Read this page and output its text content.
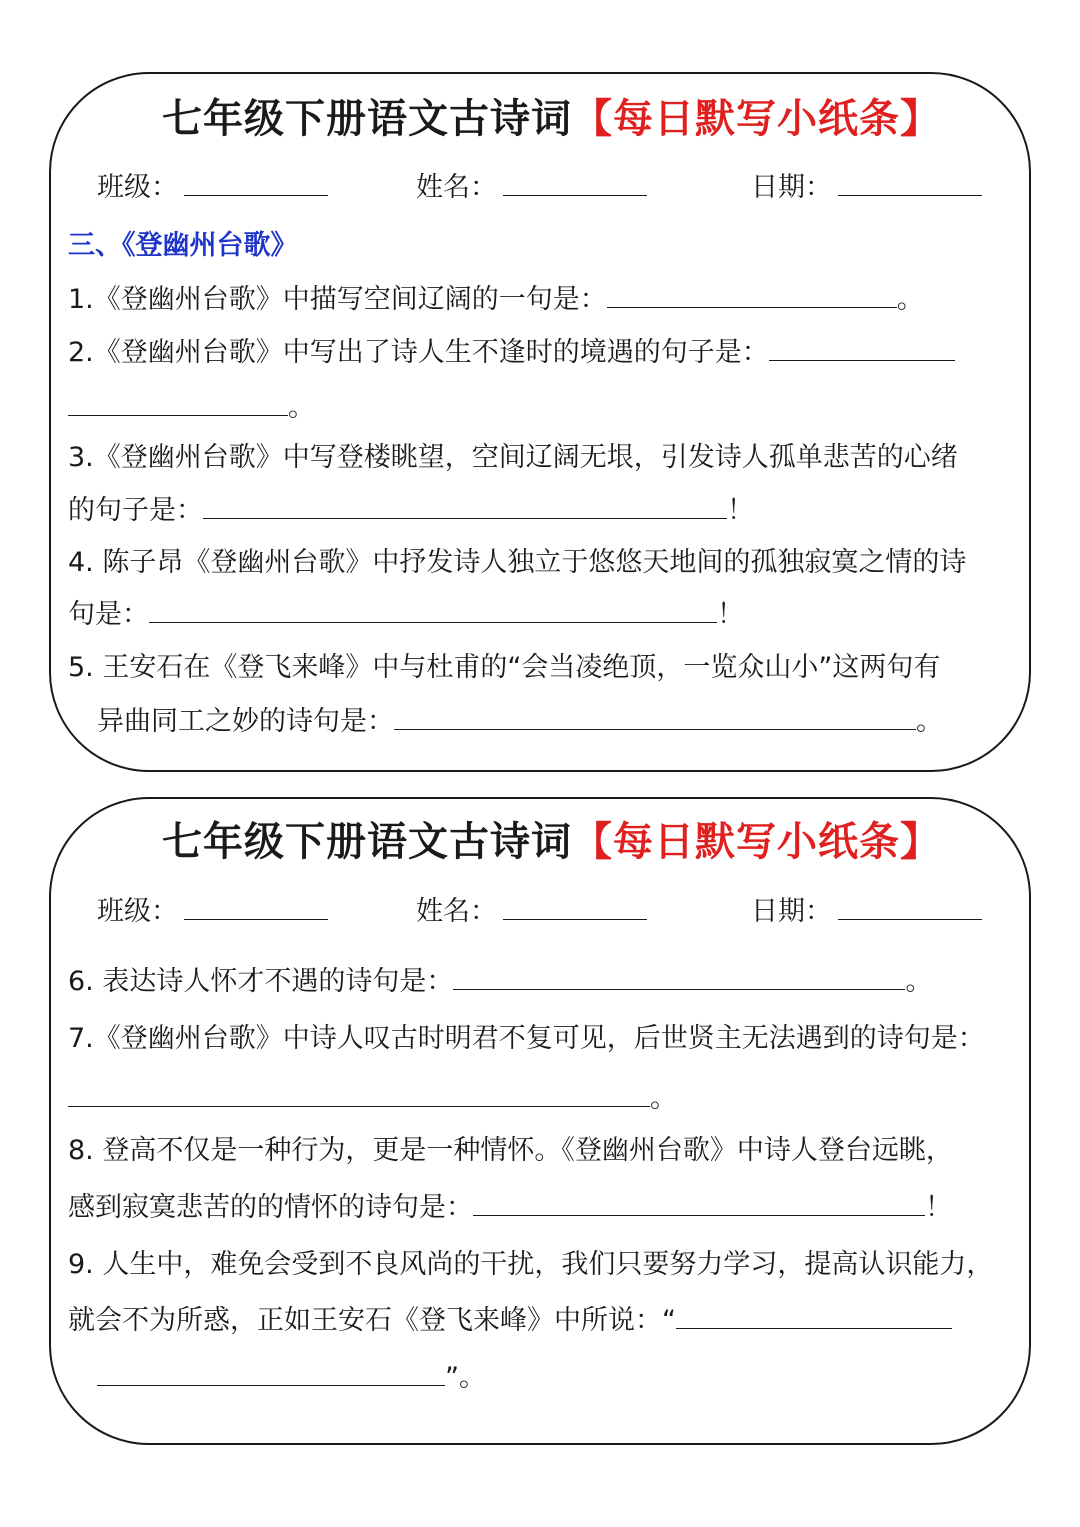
七年级下册语文古诗词【每日默写小纸条】
班级：	姓名：	日期：
三、《登幽州台歌》
1.《登幽州台歌》中描写空间辽阔的一句是：	。
2.《登幽州台歌》中写出了诗人生不逢时的境遇的句子是：
。
3.《登幽州台歌》中写登楼眺望，空间辽阔无垠，引发诗人孤单悲苦的心绪
的句子是：	！
4. 陈子昂《登幽州台歌》中抒发诗人独立于悠悠天地间的孤独寂寞之情的诗
句是：	！
5. 王安石在《登飞来峰》中与杜甫的“会当凌绝顶，一览众山小”这两句有
异曲同工之妙的诗句是：	。
七年级下册语文古诗词【每日默写小纸条】
班级：	姓名：	日期：
6. 表达诗人怀才不遇的诗句是：	。
7.《登幽州台歌》中诗人叹古时明君不复可见，后世贤主无法遇到的诗句是：
。
8. 登高不仅是一种行为，更是一种情怀。《登幽州台歌》中诗人登台远眺，
感到寂寞悲苦的的情怀的诗句是：	！
9. 人生中，难免会受到不良风尚的干扰，我们只要努力学习，提高认识能力，
就会不为所惑，正如王安石《登飞来峰》中所说：“
”。
